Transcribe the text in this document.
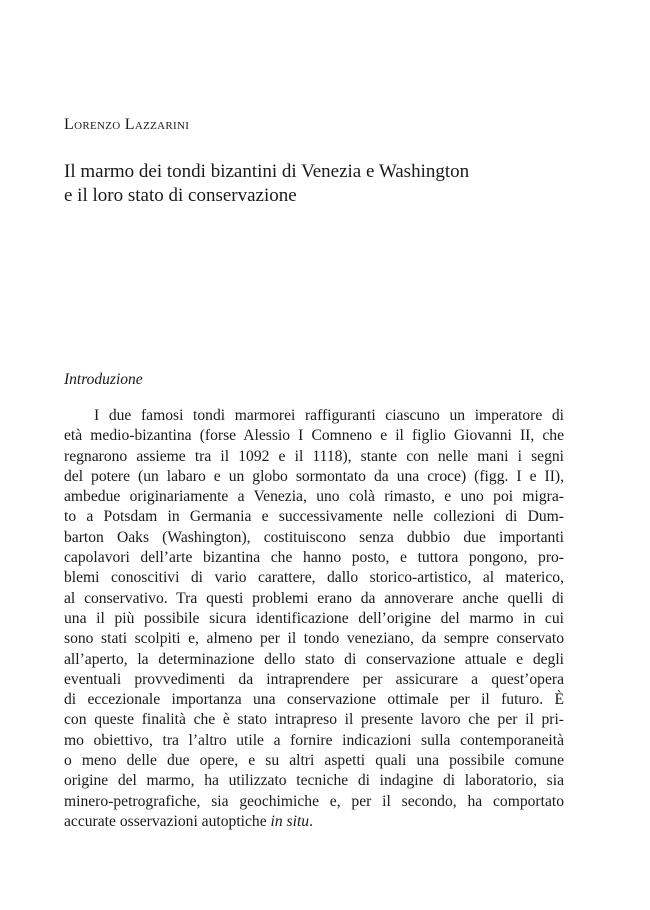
Lorenzo Lazzarini
Il marmo dei tondi bizantini di Venezia e Washington
e il loro stato di conservazione
Introduzione
I due famosi tondi marmorei raffiguranti ciascuno un imperatore di
età medio-bizantina (forse Alessio I Comneno e il figlio Giovanni II, che
regnarono assieme tra il 1092 e il 1118), stante con nelle mani i segni
del potere (un labaro e un globo sormontato da una croce) (figg. I e II),
ambedue originariamente a Venezia, uno colà rimasto, e uno poi migra-
to a Potsdam in Germania e successivamente nelle collezioni di Dum-
barton Oaks (Washington), costituiscono senza dubbio due importanti
capolavori dell’arte bizantina che hanno posto, e tuttora pongono, pro-
blemi conoscitivi di vario carattere, dallo storico-artistico, al materico,
al conservativo. Tra questi problemi erano da annoverare anche quelli di
una il più possibile sicura identificazione dell’origine del marmo in cui
sono stati scolpiti e, almeno per il tondo veneziano, da sempre conservato
all’aperto, la determinazione dello stato di conservazione attuale e degli
eventuali provvedimenti da intraprendere per assicurare a quest’opera
di eccezionale importanza una conservazione ottimale per il futuro. È
con queste finalità che è stato intrapreso il presente lavoro che per il pri-
mo obiettivo, tra l’altro utile a fornire indicazioni sulla contemporaneità
o meno delle due opere, e su altri aspetti quali una possibile comune
origine del marmo, ha utilizzato tecniche di indagine di laboratorio, sia
minero-petrografiche, sia geochimiche e, per il secondo, ha comportato
accurate osservazioni autoptiche in situ.
